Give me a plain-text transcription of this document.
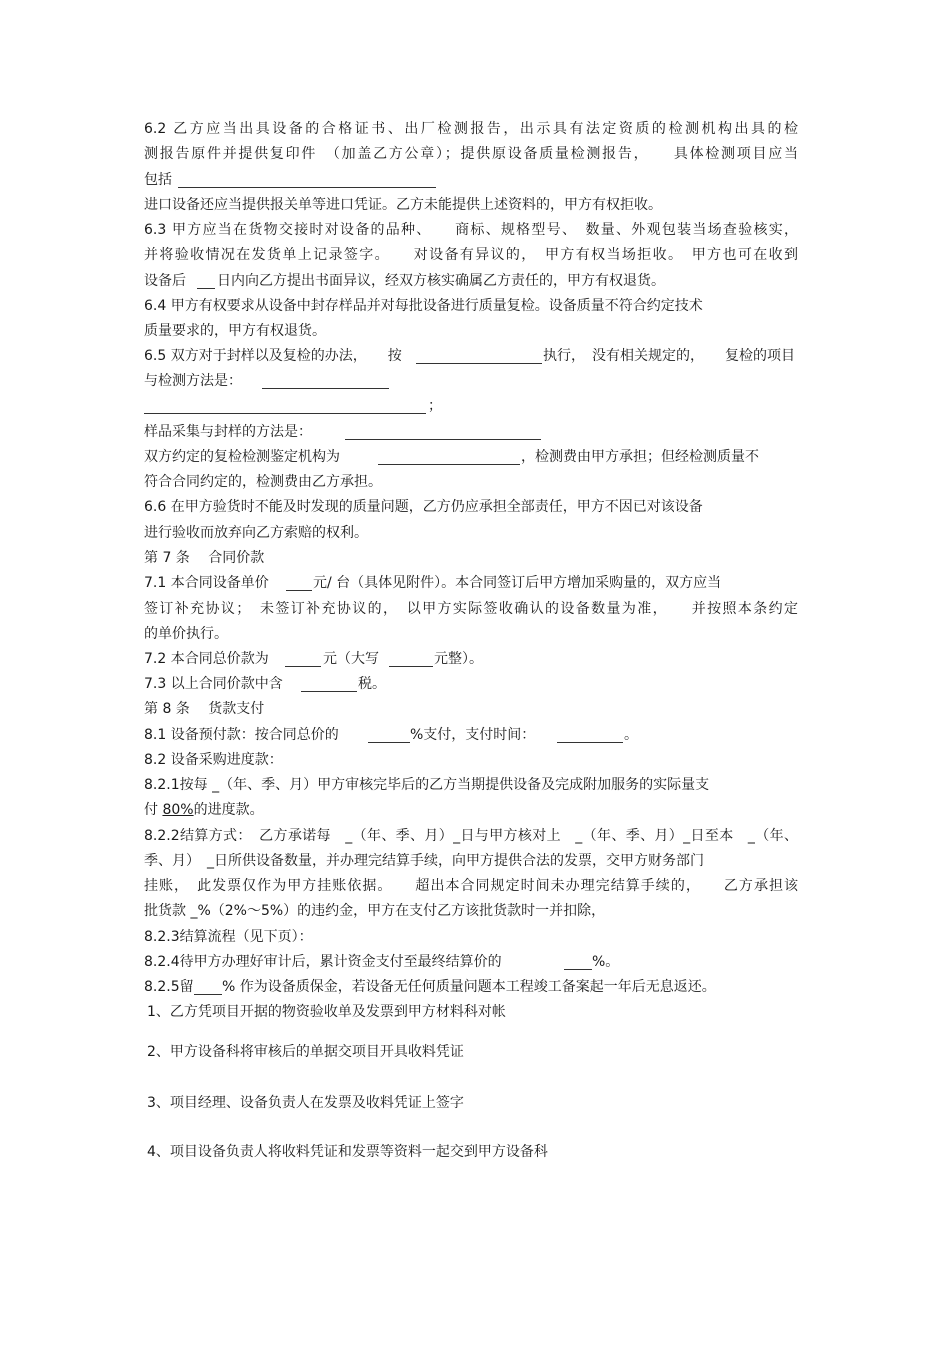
6.2 乙方应当出具设备的合格证书、出厂检测报告，出示具有法定资质的检测机构出具的检
测报告原件并提供复印件　（加盖乙方公章）；提供原设备质量检测报告，　　具体检测项目应当
包括
进口设备还应当提供报关单等进口凭证。乙方未能提供上述资料的，甲方有权拒收。
6.3 甲方应当在货物交接时对设备的品种、　　商标、规格型号、　数量、外观包装当场查验核实，
并将验收情况在发货单上记录签字。　　对设备有异议的，　甲方有权当场拒收。　甲方也可在收到
设备后 日内向乙方提出书面异议，经双方核实确属乙方责任的，甲方有权退货。
6.4 甲方有权要求从设备中封存样品并对每批设备进行质量复检。设备质量不符合约定技术
质量要求的，甲方有权退货。
6.5 双方对于封样以及复检的办法，　　按	执行，　没有相关规定的，　　复检的项目
与检测方法是：
；
样品采集与封样的方法是：
双方约定的复检检测鉴定机构为	，检测费由甲方承担；但经检测质量不
符合合同约定的，检测费由乙方承担。
6.6 在甲方验货时不能及时发现的质量问题，乙方仍应承担全部责任，甲方不因已对该设备
进行验收而放弃向乙方索赔的权利。
第 7 条　 合同价款
7.1 本合同设备单价	元/ 台（具体见附件）。本合同签订后甲方增加采购量的，双方应当
签订补充协议；　未签订补充协议的，　以甲方实际签收确认的设备数量为准，　　并按照本条约定
的单价执行。
7.2 本合同总价款为	元（大写	元整）。
7.3 以上合同价款中含	税。
第 8 条　 货款支付
8.1 设备预付款：按合同总价的	%支付，支付时间：	。
8.2 设备采购进度款：
8.2.1按每 _（年、季、月）甲方审核完毕后的乙方当期提供设备及完成附加服务的实际量支
付 80%的进度款。
8.2.2结算方式：　乙方承诺每　_（年、季、月）_日与甲方核对上　_（年、季、月）_日至本　_（年、
季、月）　_日所供设备数量，并办理完结算手续，向甲方提供合法的发票，交甲方财务部门
挂账，　此发票仅作为甲方挂账依据。　　超出本合同规定时间未办理完结算手续的，　　乙方承担该
批货款 _%（2%～5%）的违约金，甲方在支付乙方该批货款时一并扣除，
8.2.3结算流程（见下页）：
8.2.4待甲方办理好审计后，累计资金支付至最终结算价的	%。
8.2.5留 % 作为设备质保金，若设备无任何质量问题本工程竣工备案起一年后无息返还。
1、乙方凭项目开据的物资验收单及发票到甲方材料科对帐
2、甲方设备科将审核后的单据交项目开具收料凭证
3、项目经理、设备负责人在发票及收料凭证上签字
4、项目设备负责人将收料凭证和发票等资料一起交到甲方设备科
